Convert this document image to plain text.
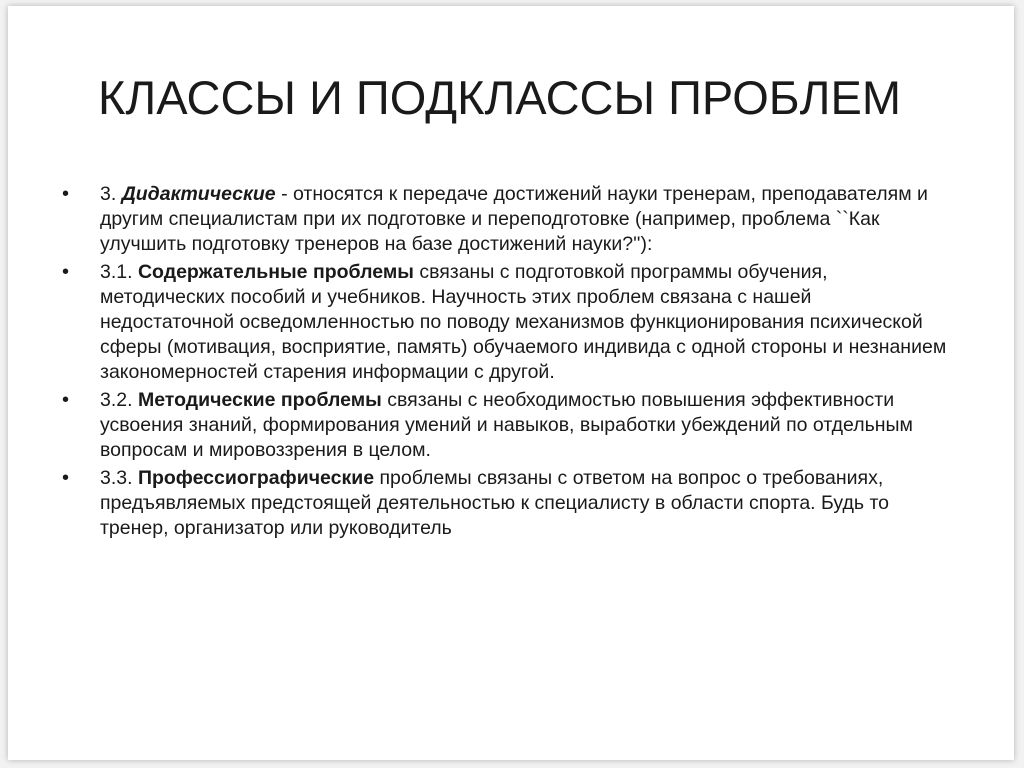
КЛАССЫ И ПОДКЛАССЫ ПРОБЛЕМ
• 3. Дидактические - относятся к передаче достижений науки тренерам, преподавателям и другим специалистам при их подготовке и переподготовке (например, проблема ``Как улучшить подготовку тренеров на базе достижений науки?''):
• 3.1. Содержательные проблемы связаны с подготовкой программы обучения, методических пособий и учебников. Научность этих проблем связана с нашей недостаточной осведомленностью по поводу механизмов функционирования психической сферы (мотивация, восприятие, память) обучаемого индивида с одной стороны и незнанием закономерностей старения информации с другой.
• 3.2. Методические проблемы связаны с необходимостью повышения эффективности усвоения знаний, формирования умений и навыков, выработки убеждений по отдельным вопросам и мировоззрения в целом.
• 3.3. Профессиографические проблемы связаны с ответом на вопрос о требованиях, предъявляемых предстоящей деятельностью к специалисту в области спорта. Будь то тренер, организатор или руководитель
